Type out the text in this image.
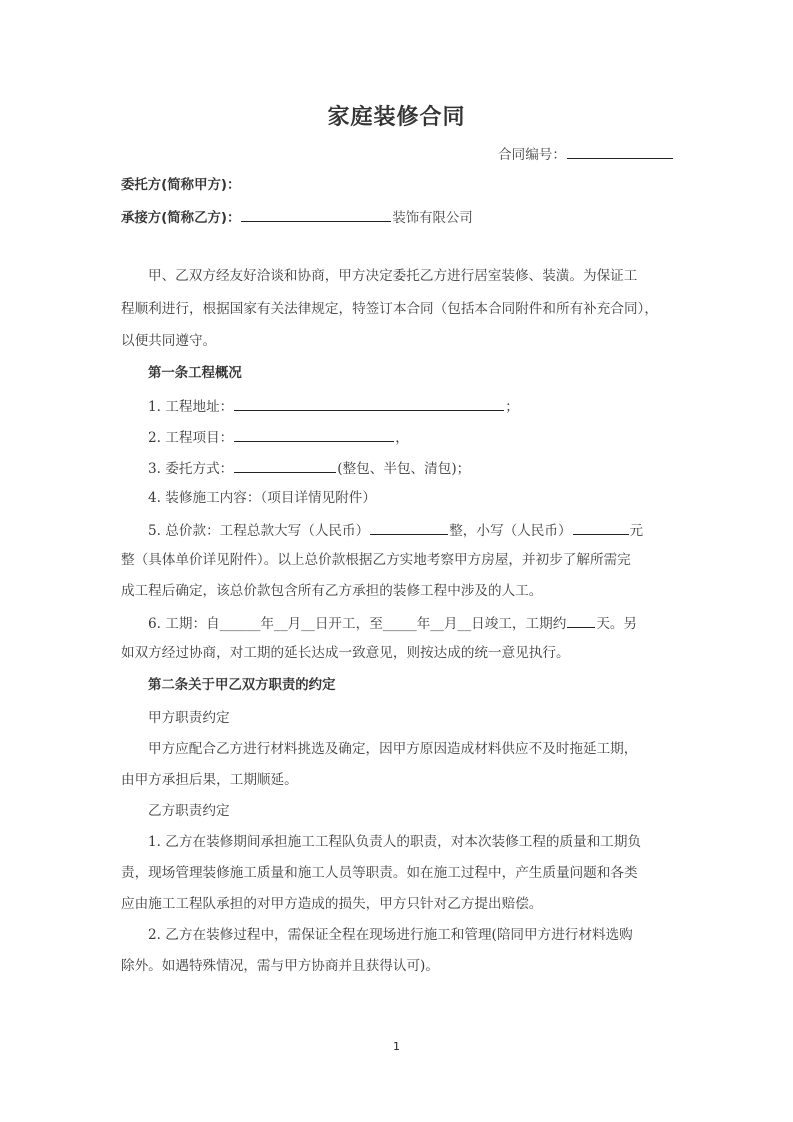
家庭装修合同
合同编号：
委托方(简称甲方)：
承接方(简称乙方)：	装饰有限公司
甲、乙双方经友好洽谈和协商，甲方决定委托乙方进行居室装修、装潢。为保证工
程顺利进行，根据国家有关法律规定，特签订本合同（包括本合同附件和所有补充合同），
以便共同遵守。
第一条工程概况
1. 工程地址：	；
2. 工程项目：	，
3. 委托方式：	(整包、半包、清包)；
4. 装修施工内容：（项目详情见附件）
5. 总价款：工程总款大写（人民币）	整，小写（人民币）	元
整（具体单价详见附件）。以上总价款根据乙方实地考察甲方房屋，并初步了解所需完
成工程后确定，该总价款包含所有乙方承担的装修工程中涉及的人工。
6. 工期：自______年__月__日开工，至_____年__月__日竣工，工期约 天。另
如双方经过协商，对工期的延长达成一致意见，则按达成的统一意见执行。
第二条关于甲乙双方职责的约定
甲方职责约定
甲方应配合乙方进行材料挑选及确定，因甲方原因造成材料供应不及时拖延工期，
由甲方承担后果，工期顺延。
乙方职责约定
1. 乙方在装修期间承担施工工程队负责人的职责，对本次装修工程的质量和工期负
责，现场管理装修施工质量和施工人员等职责。如在施工过程中，产生质量问题和各类
应由施工工程队承担的对甲方造成的损失，甲方只针对乙方提出赔偿。
2. 乙方在装修过程中，需保证全程在现场进行施工和管理(陪同甲方进行材料选购
除外。如遇特殊情况，需与甲方协商并且获得认可)。
1
